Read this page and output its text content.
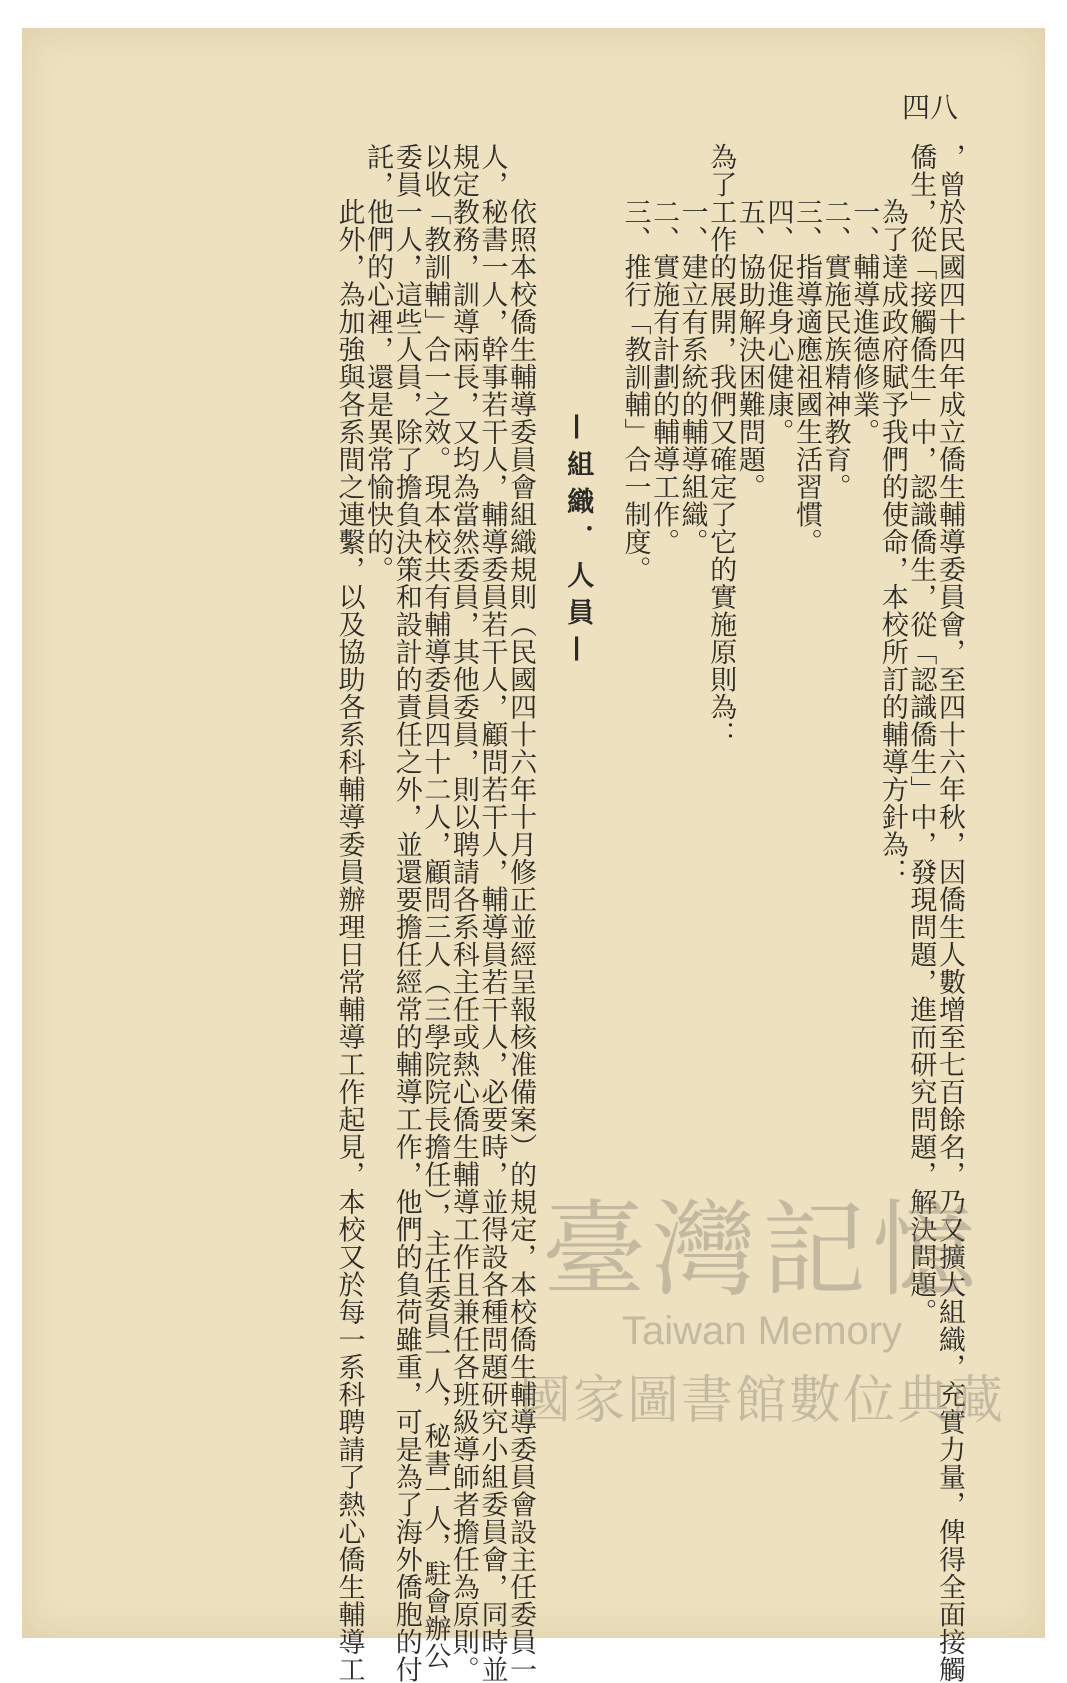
四八
，曾於民國四十四年成立僑生輔導委員會，至四十六年秋，因僑生人數增至七百餘名，乃又擴大組織，充實力量，俾得全面接觸
僑生，從「接觸僑生」中，認識僑生，從「認識僑生」中，發現問題，進而研究問題，解決問題。
　　為了達成政府賦予我們的使命，本校所訂的輔導方針為：
　　一、輔導進德修業。
　　二、實施民族精神教育。
　　三、指導適應祖國生活習慣。
　　四、促進身心健康。
　　五、協助解決困難問題。
為了工作的展開，我們又確定了它的實施原則為：
　　一、建立有系統的輔導組織。
　　二、實施有計劃的輔導工作。
　　三、推行「教訓輔」合一制度。

—組織．人員—

　　依照本校僑生輔導委員會組織規則（民國四十六年十月修正並經呈報核准備案）的規定，本校僑生輔導委員會設主任委員一
人，秘書一人，幹事若干人，輔導委員若干人，顧問若干人，輔導員若干人，必要時，並得設各種問題研究小組委員會，同時並
規定教務，訓導兩長，又均為當然委員，其他委員，則以聘請各系科主任或熱心僑生輔導工作且兼任各班級導師者擔任為原則。
以收「教訓輔」合一之效。現本校共有輔導委員四十二人，顧問三人（三學院院長擔任），主任委員一人，秘書一人，駐會辦公
委員一人，這些人員，除了擔負決策和設計的責任之外，並還要擔任經常的輔導工作，他們的負荷雖重，可是為了海外僑胞的付
託，他們的心裡，還是異常愉快的。
　　此外，為加強與各系間之連繫，以及協助各系科輔導委員辦理日常輔導工作起見，本校又於每一系科聘請了熱心僑生輔導工	臺灣記憶
Taiwan Memory
國家圖書館數位典藏
